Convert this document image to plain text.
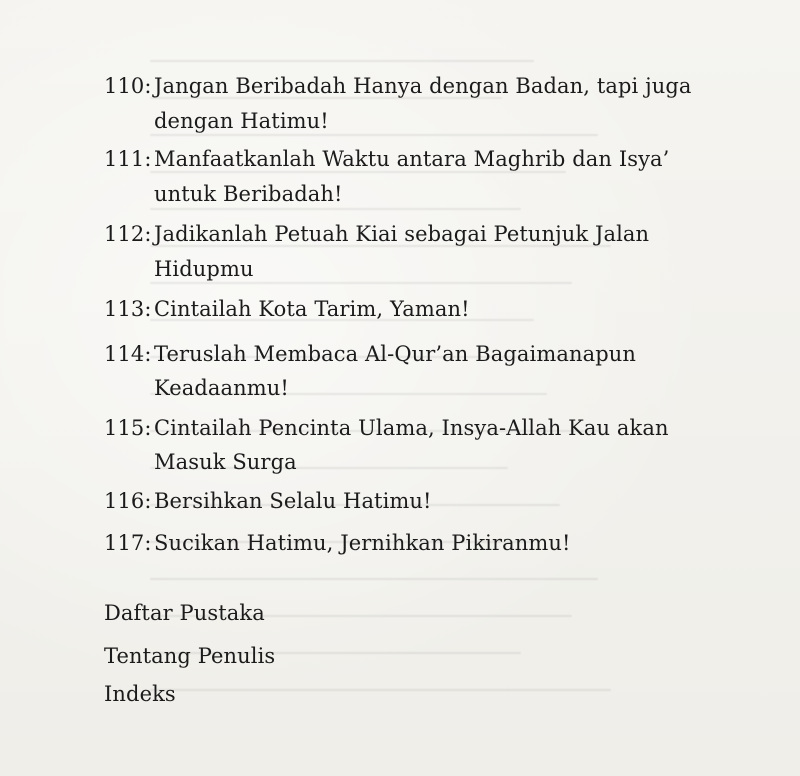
110: Jangan Beribadah Hanya dengan Badan, tapi juga
dengan Hatimu!
111: Manfaatkanlah Waktu antara Maghrib dan Isya’
untuk Beribadah!
112: Jadikanlah Petuah Kiai sebagai Petunjuk Jalan
Hidupmu
113: Cintailah Kota Tarim, Yaman!
114: Teruslah Membaca Al-Qur’an Bagaimanapun
Keadaanmu!
115: Cintailah Pencinta Ulama, Insya-Allah Kau akan
Masuk Surga
116: Bersihkan Selalu Hatimu!
117: Sucikan Hatimu, Jernihkan Pikiranmu!
Daftar Pustaka
Tentang Penulis
Indeks
